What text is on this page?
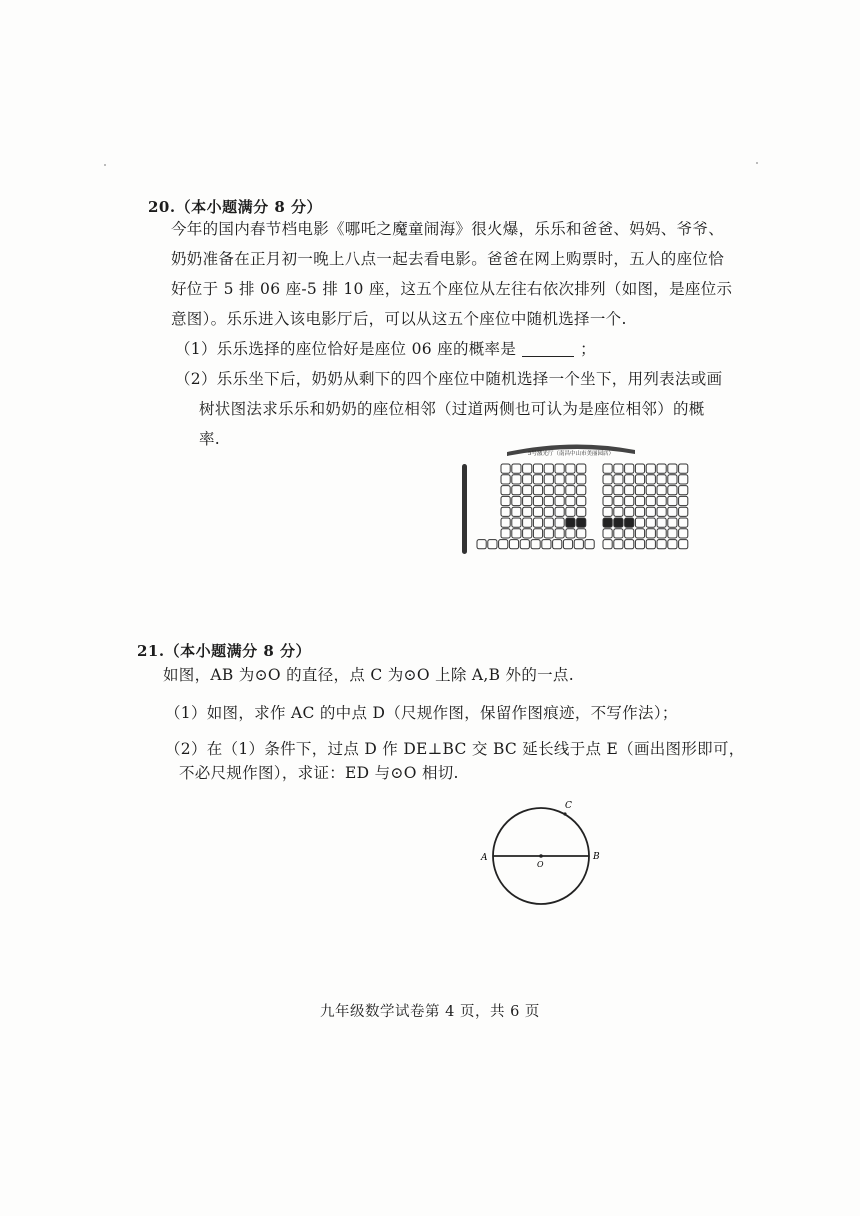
20.（本小题满分 8 分）
今年的国内春节档电影《哪吒之魔童闹海》很火爆，乐乐和爸爸、妈妈、爷爷、
奶奶准备在正月初一晚上八点一起去看电影。爸爸在网上购票时，五人的座位恰
好位于 5 排 06 座-5 排 10 座，这五个座位从左往右依次排列（如图，是座位示
意图）。乐乐进入该电影厅后，可以从这五个座位中随机选择一个.
（1）乐乐选择的座位恰好是座位 06 座的概率是	；
（2）乐乐坐下后，奶奶从剩下的四个座位中随机选择一个坐下，用列表法或画
树状图法求乐乐和奶奶的座位相邻（过道两侧也可认为是座位相邻）的概
率.
5号激光厅（南昌中山市美丽园店）
21.（本小题满分 8 分）
如图，AB 为⊙O 的直径，点 C 为⊙O 上除 A,B 外的一点.
（1）如图，求作 AC 的中点 D（尺规作图，保留作图痕迹，不写作法）；
（2）在（1）条件下，过点 D 作 DE⊥BC 交 BC 延长线于点 E（画出图形即可，
不必尺规作图），求证：ED 与⊙O 相切.
A	B
C
O
九年级数学试卷第 4 页，共 6 页
